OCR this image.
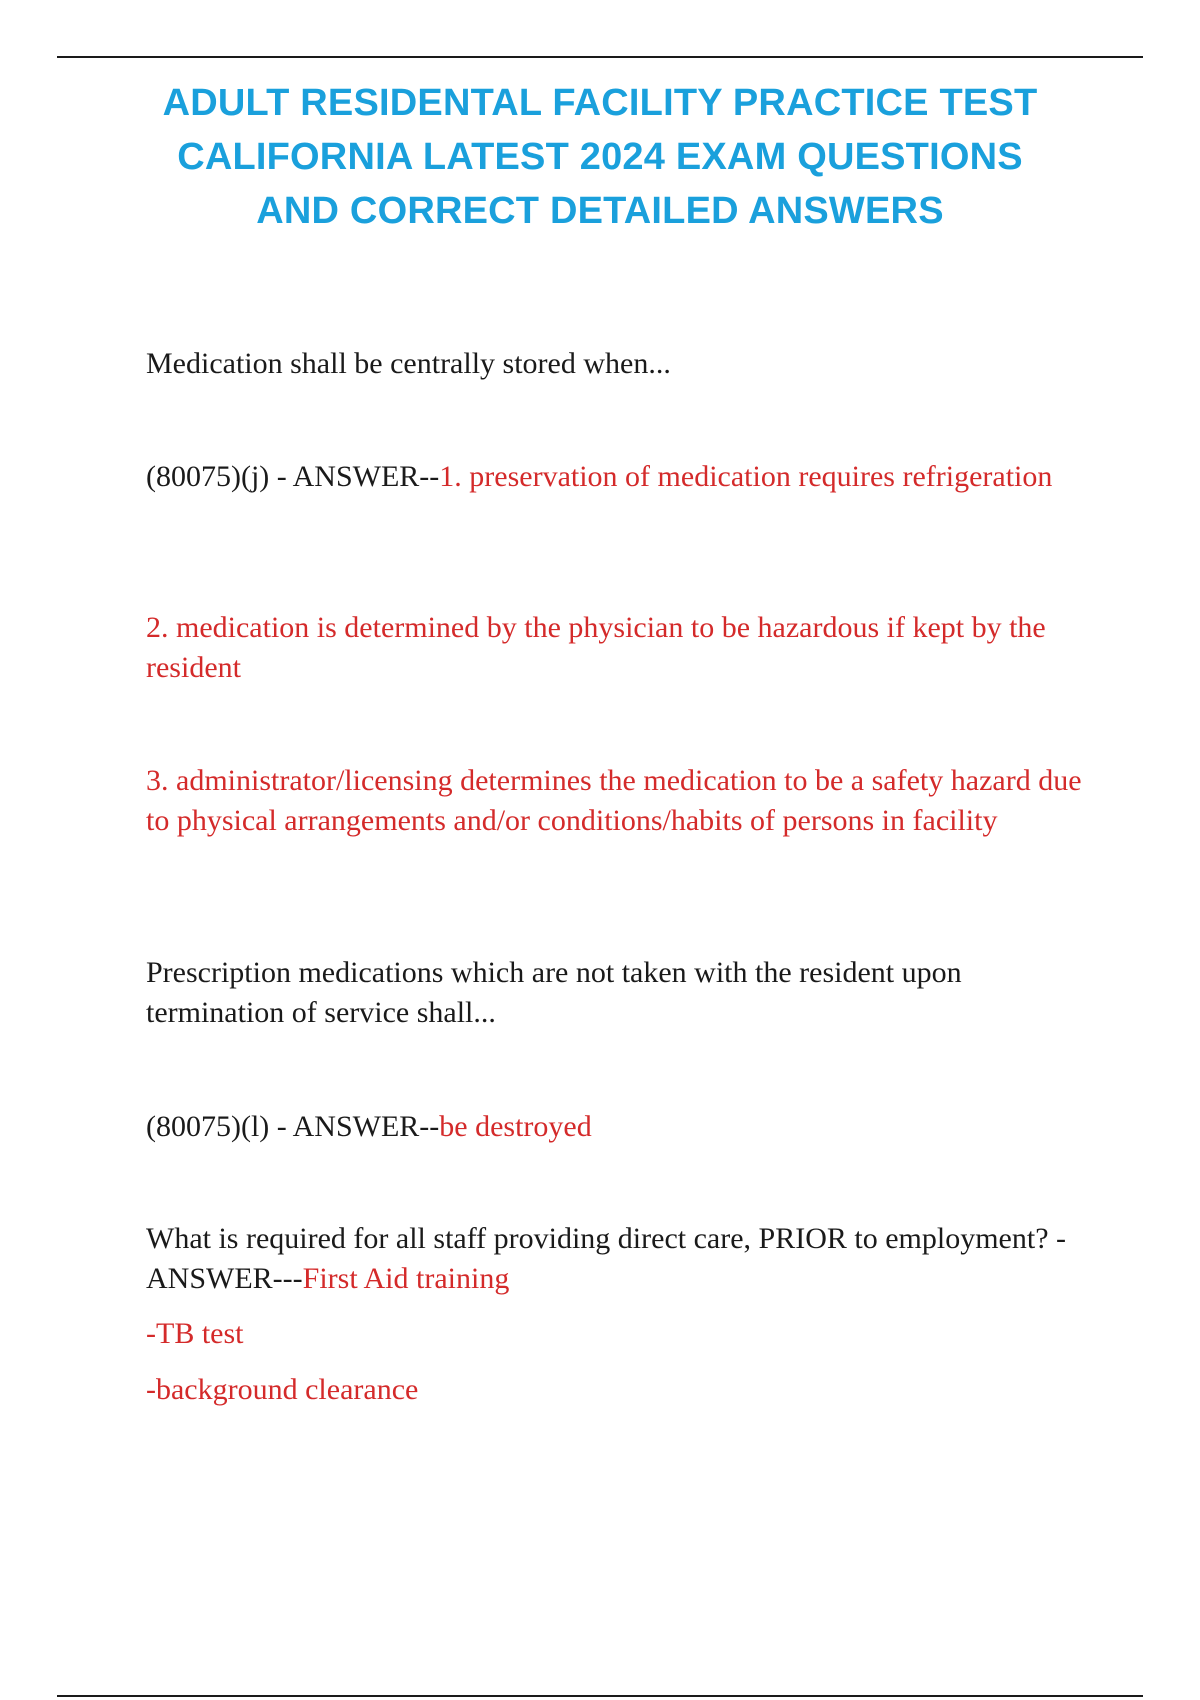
ADULT RESIDENTAL FACILITY PRACTICE TEST
CALIFORNIA LATEST 2024 EXAM QUESTIONS
AND CORRECT DETAILED ANSWERS

Medication shall be centrally stored when...

(80075)(j) - ANSWER--1. preservation of medication requires refrigeration

2. medication is determined by the physician to be hazardous if kept by the resident

3. administrator/licensing determines the medication to be a safety hazard due to physical arrangements and/or conditions/habits of persons in facility

Prescription medications which are not taken with the resident upon termination of service shall...

(80075)(l) - ANSWER--be destroyed

What is required for all staff providing direct care, PRIOR to employment? - ANSWER---First Aid training

-TB test

-background clearance
